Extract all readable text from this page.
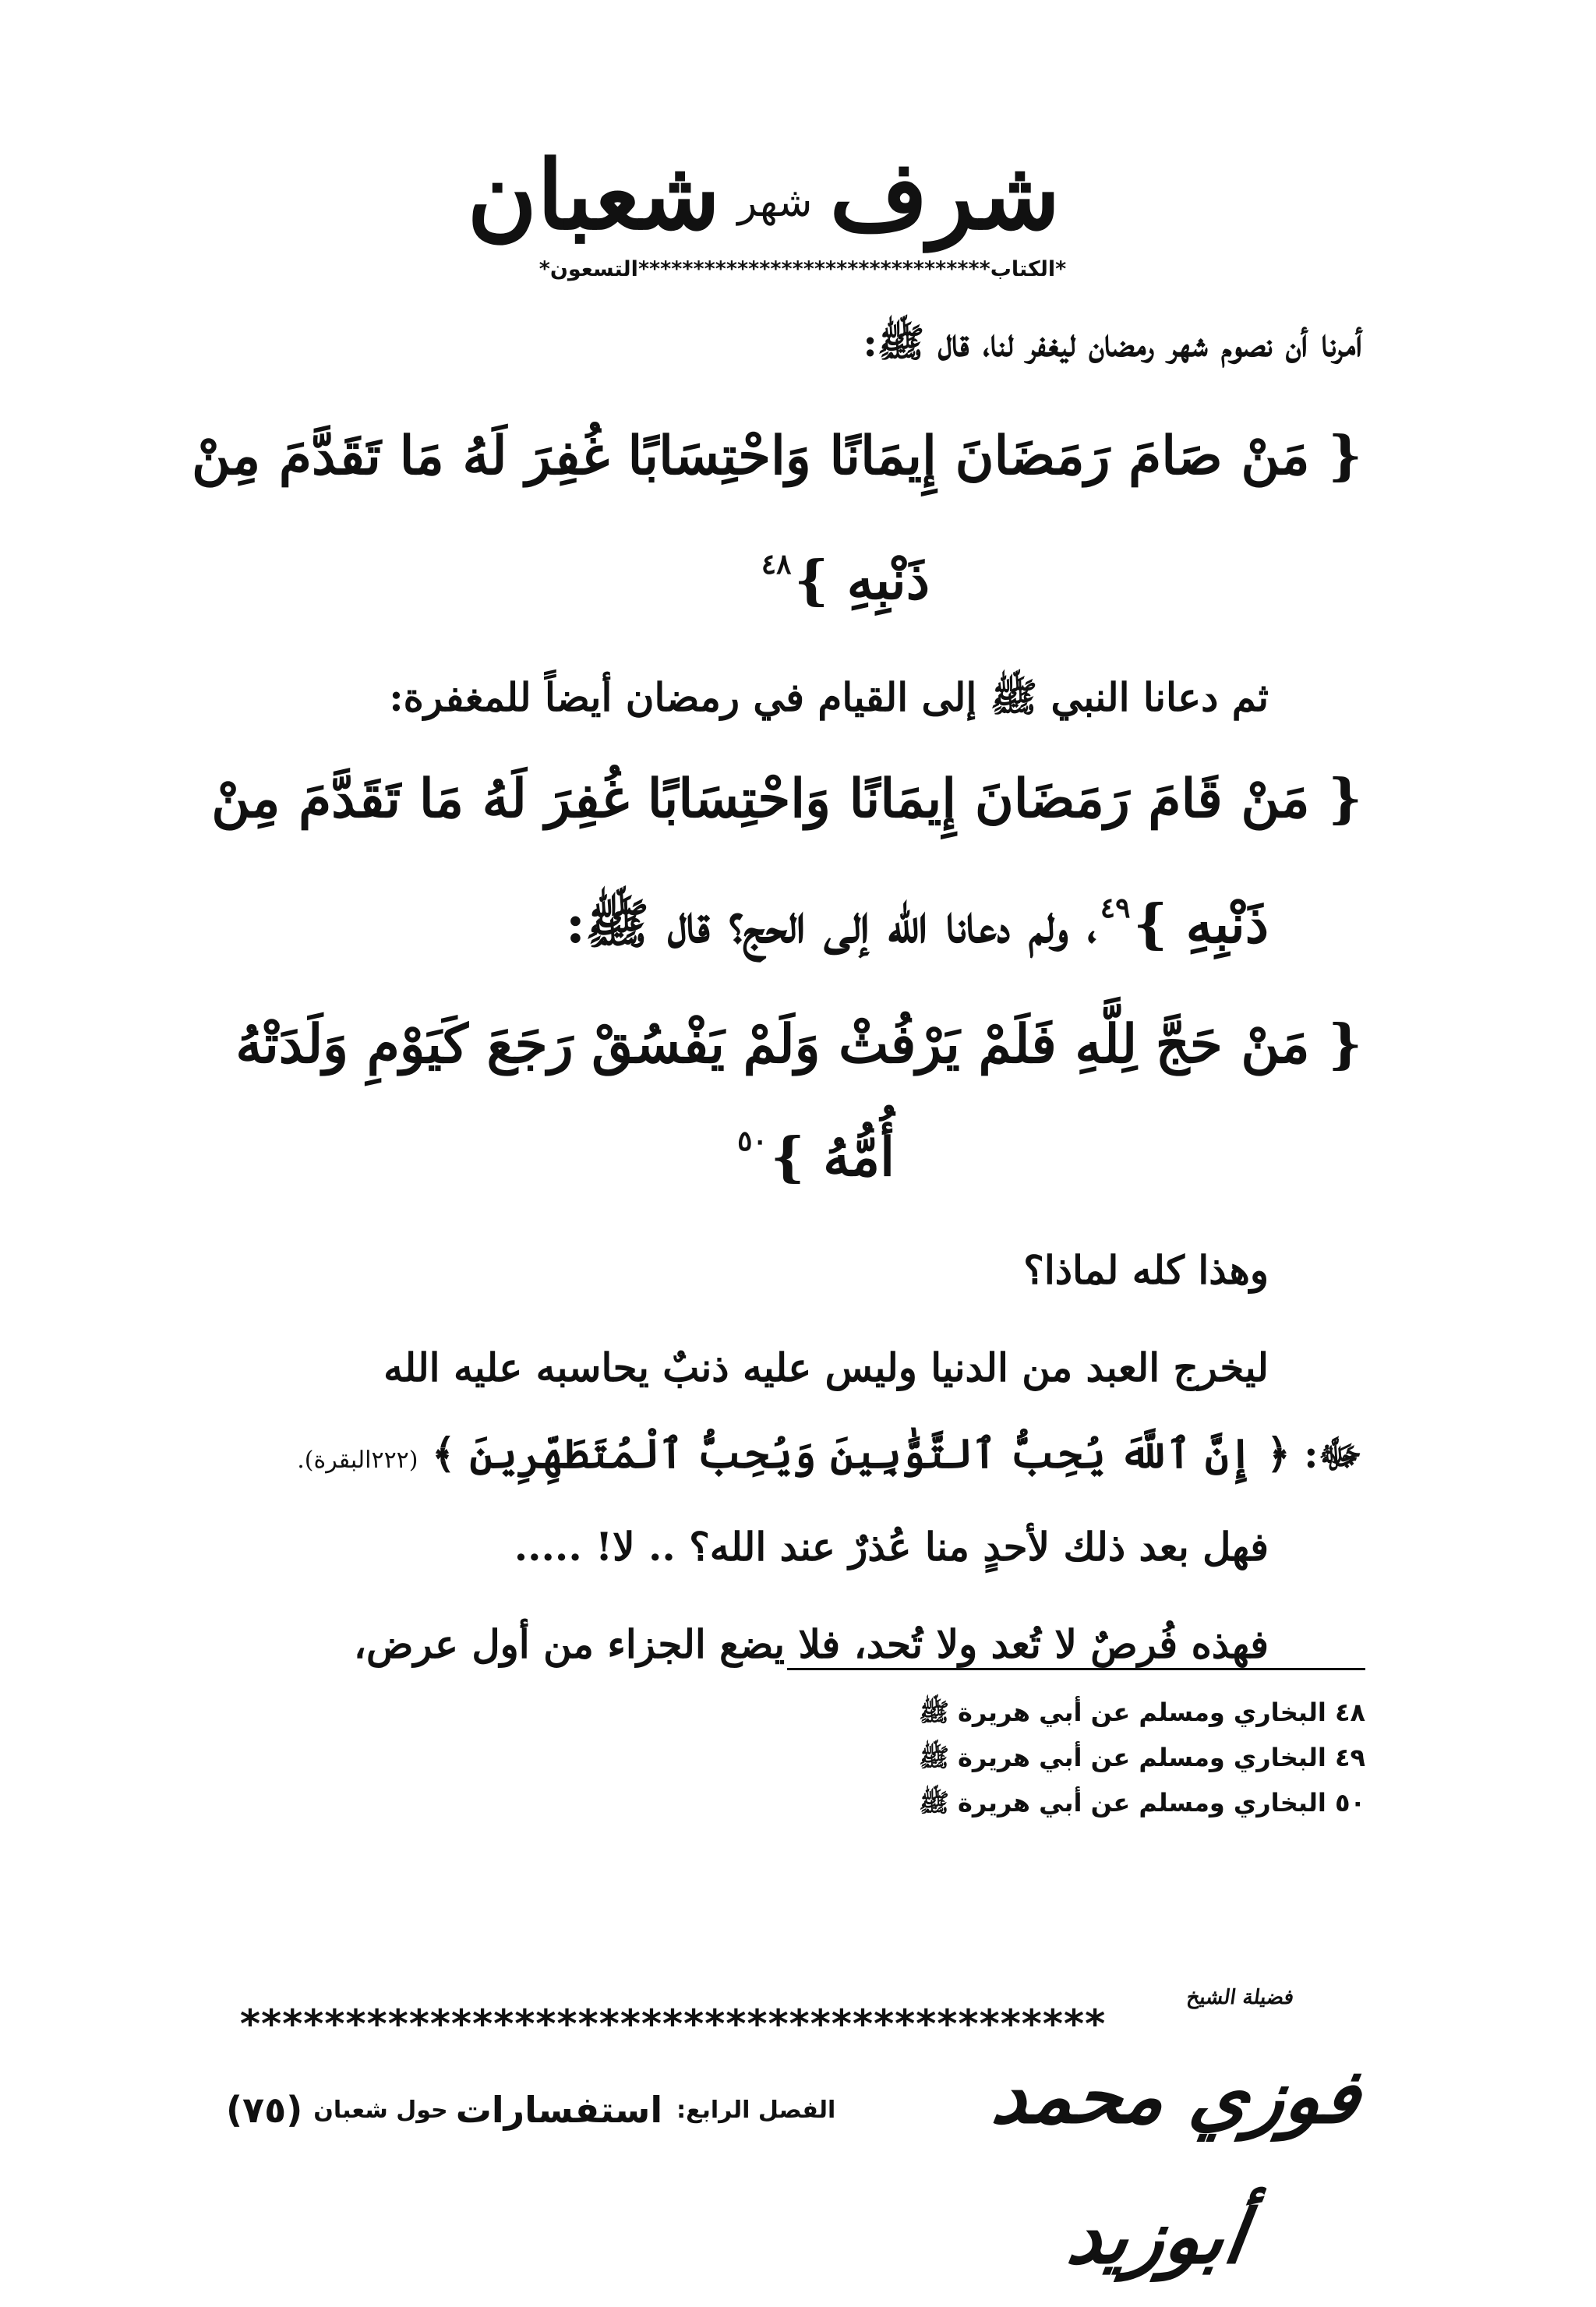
شرف
شهر
شعبان
* التسعون ******************************** الكتاب *
أمرنا أن نصوم شهر رمضان ليغفر لنا، قال ﷺ:
{ مَنْ صَامَ رَمَضَانَ إِيمَانًا وَاحْتِسَابًا غُفِرَ لَهُ مَا تَقَدَّمَ مِنْ
ذَنْبِهِ }$^{٤٨}$
ثم دعانا النبي ﷺ إلى القيام في رمضان أيضاً للمغفرة:
{ مَنْ قَامَ رَمَضَانَ إِيمَانًا وَاحْتِسَابًا غُفِرَ لَهُ مَا تَقَدَّمَ مِنْ
ذَنْبِهِ }$^{٤٩}$، ولم دعانا الله إلى الحج؟ قال ﷺ:
{ مَنْ حَجَّ لِلَّهِ فَلَمْ يَرْفُثْ وَلَمْ يَفْسُقْ رَجَعَ كَيَوْمِ وَلَدَتْهُ
أُمُّهُ }$^{٥٠}$
وهذا كله لماذا؟
ليخرج العبد من الدنيا وليس عليه ذنبٌ يحاسبه عليه الله
ﷻ: ﴿ إِنَّ ٱللَّهَ يُحِبُّ ٱلتَّوَّٰبِينَ وَيُحِبُّ ٱلْمُتَطَهِّرِينَ ﴾ (٢٢٢البقرة).
فهل بعد ذلك لأحدٍ منا عُذرٌ عند الله؟ .. لا! .....
فهذه فُرصٌ لا تُعد ولا تُحد، فلا يضع الجزاء من أول عرض،
٤٨ البخاري ومسلم عن أبي هريرة ﷺ
٤٩ البخاري ومسلم عن أبي هريرة ﷺ
٥٠ البخاري ومسلم عن أبي هريرة ﷺ
*****************************************
فضيلة الشيخ
فوزي محمد أبوزيد
الفصل الرابع
:
استفسارات
حول شعبان
(٧٥)
